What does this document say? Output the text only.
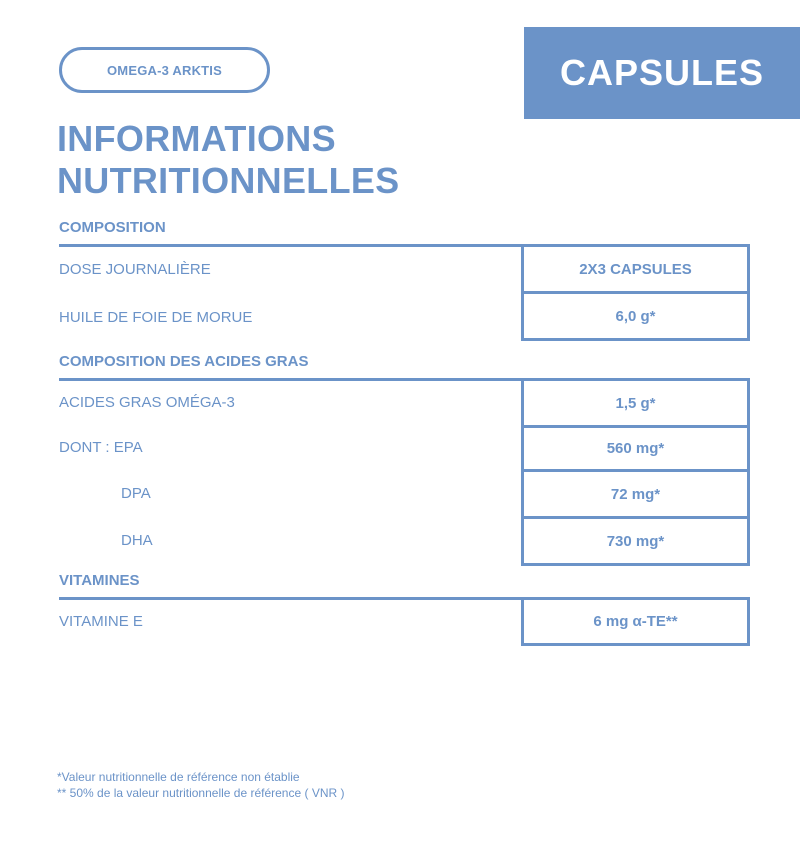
OMEGA-3 ARKTIS	CAPSULES
INFORMATIONS
NUTRITIONNELLES
COMPOSITION
DOSE JOURNALIÈRE	2X3 CAPSULES
HUILE DE FOIE DE MORUE	6,0 g*
COMPOSITION DES ACIDES GRAS
ACIDES GRAS OMÉGA-3	1,5 g*
DONT : EPA	560 mg*
DPA	72 mg*
DHA	730 mg*
VITAMINES
VITAMINE E	6 mg α-TE**
*Valeur nutritionnelle de référence non établie
** 50% de la valeur nutritionnelle de référence ( VNR )
